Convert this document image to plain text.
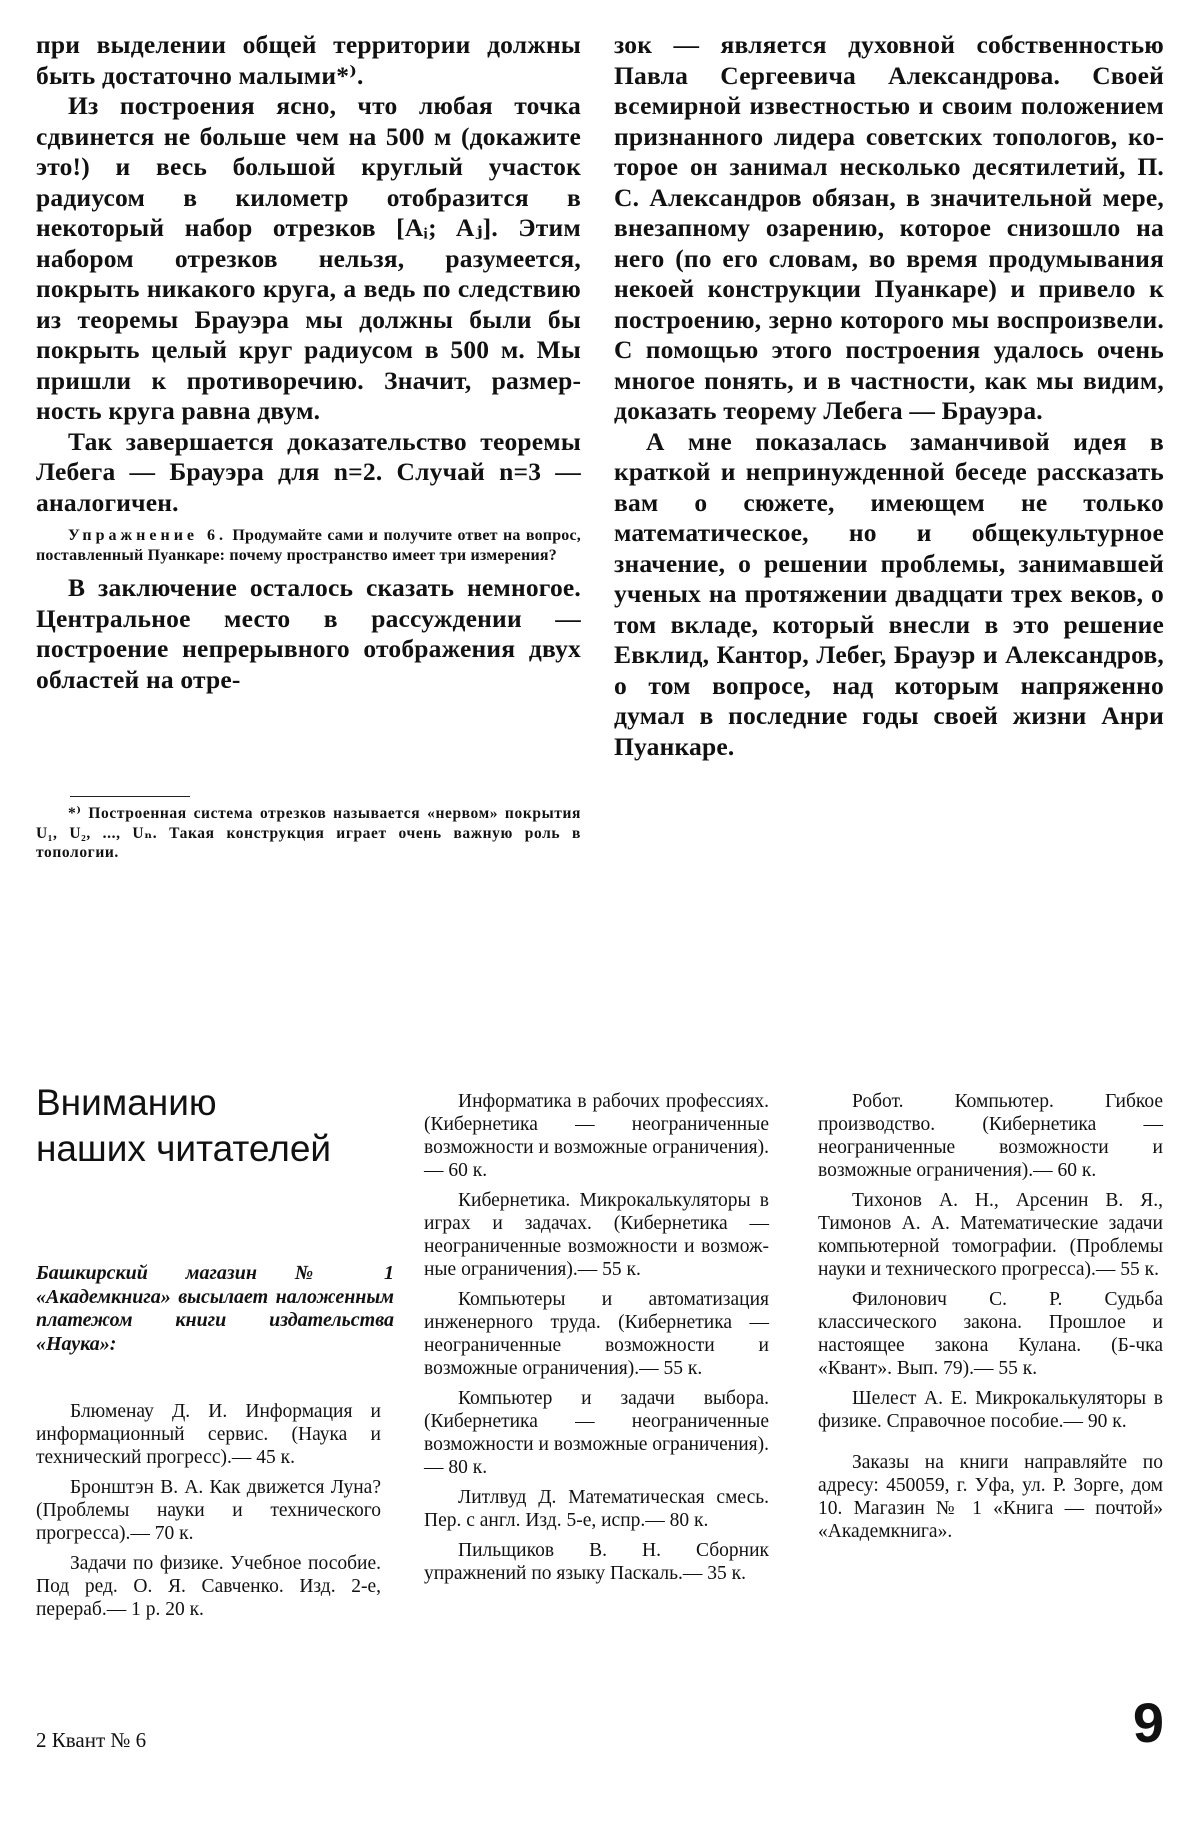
при выделении общей территории должны быть достаточно малыми*⁾.

Из построения ясно, что любая точка сдвинется не больше чем на 500 м (докажите это!) и весь большой круглый участок радиусом в километр отобразится в некоторый набор отрезков [Aᵢ; Aⱼ]. Этим набором отрезков нельзя, разумеется, покрыть никакого круга, а ведь по следствию из теоремы Брауэра мы должны были бы покрыть целый круг радиусом в 500 м. Мы пришли к противоречию. Значит, размерность круга равна двум.

Так завершается доказательство теоремы Лебега — Брауэра для n=2. Случай n=3 — аналогичен.

Упражнение 6. Продумайте сами и получите ответ на вопрос, поставленный Пуанкаре: почему пространство имеет три измерения?

В заключение осталось сказать немногое. Центральное место в рассуждении — построение непрерывного отображения двух областей на отре-

*⁾ Построенная система отрезков называется «нервом» покрытия U₁, U₂, ..., Uₙ. Такая конструкция играет очень важную роль в топологии.

зок — является духовной собственностью Павла Сергеевича Александрова. Своей всемирной известностью и своим положением признанного лидера советских топологов, которое он занимал несколько десятилетий, П. С. Александров обязан, в значительной мере, внезапному озарению, которое снизошло на него (по его словам, во время продумывания некоей конструкции Пуанкаре) и привело к построению, зерно которого мы воспроизвели. С помощью этого построения удалось очень многое понять, и в частности, как мы видим, доказать теорему Лебега — Брауэра.

А мне показалась заманчивой идея в краткой и непринужденной беседе рассказать вам о сюжете, имеющем не только математическое, но и общекультурное значение, о решении проблемы, занимавшей ученых на протяжении двадцати трех веков, о том вкладе, который внесли в это решение Евклид, Кантор, Лебег, Брауэр и Александров, о том вопросе, над которым напряженно думал в последние годы своей жизни Анри Пуанкаре.

Вниманию
наших читателей
Башкирский магазин № 1 «Академкнига» высылает наложенным платежом книги издательства «Наука»:

Блюменау Д. И. Информация и информационный сервис. (Наука и технический прогресс).— 45 к.

Бронштэн В. А. Как движется Луна? (Проблемы науки и технического прогресса).— 70 к.

Задачи по физике. Учебное пособие. Под ред. О. Я. Савченко. Изд. 2-е, перераб.— 1 р. 20 к.

Информатика в рабочих профессиях. (Кибернетика — неограниченные возможности и возможные ограничения).— 60 к.

Кибернетика. Микрокалькуляторы в играх и задачах. (Кибернетика — неограниченные возможности и возможные ограничения).— 55 к.

Компьютеры и автоматизация инженерного труда. (Кибернетика — неограниченные возможности и возможные ограничения).— 55 к.

Компьютер и задачи выбора. (Кибернетика — неограниченные возможности и возможные ограничения).— 80 к.

Литлвуд Д. Математическая смесь. Пер. с англ. Изд. 5-е, испр.— 80 к.

Пильщиков В. Н. Сборник упражнений по языку Паскаль.— 35 к.

Робот. Компьютер. Гибкое производство. (Кибернетика — неограниченные возможности и возможные ограничения).— 60 к.

Тихонов А. Н., Арсенин В. Я., Тимонов А. А. Математические задачи компьютерной томографии. (Проблемы науки и технического прогресса).— 55 к.

Филонович С. Р. Судьба классического закона. Прошлое и настоящее закона Кулана. (Б-чка «Квант». Вып. 79).— 55 к.

Шелест А. Е. Микрокалькуляторы в физике. Справочное пособие.— 90 к.

Заказы на книги направляйте по адресу: 450059, г. Уфа, ул. Р. Зорге, дом 10. Магазин № 1 «Книга — почтой» «Академкнига».

2 Квант № 6	9
